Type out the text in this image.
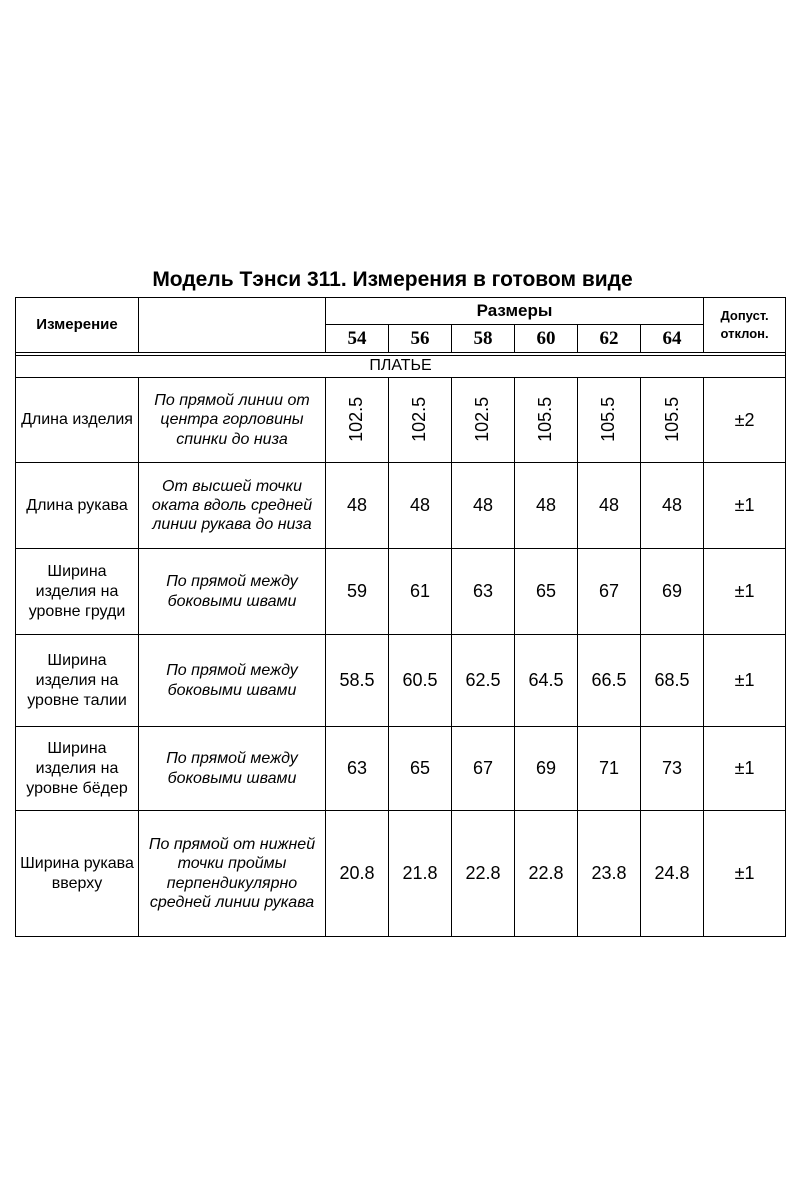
Модель Тэнси 311. Измерения в готовом виде
Измерение		Размеры						Допуст.
отклон.
		54	56	58	60	62	64	

ПЛАТЬЕ								
Длина изделия	По прямой линии от центра горловины спинки до низа	102.5	102.5	102.5	105.5	105.5	105.5	±2
Длина рукава	От высшей точки оката вдоль средней линии рукава до низа	48	48	48	48	48	48	±1
Ширина изделия на уровне груди	По прямой между боковыми швами	59	61	63	65	67	69	±1
Ширина изделия на уровне талии	По прямой между боковыми швами	58.5	60.5	62.5	64.5	66.5	68.5	±1
Ширина изделия на уровне бёдер	По прямой между боковыми швами	63	65	67	69	71	73	±1
Ширина рукава вверху	По прямой от нижней точки проймы перпендикулярно средней линии рукава	20.8	21.8	22.8	22.8	23.8	24.8	±1
